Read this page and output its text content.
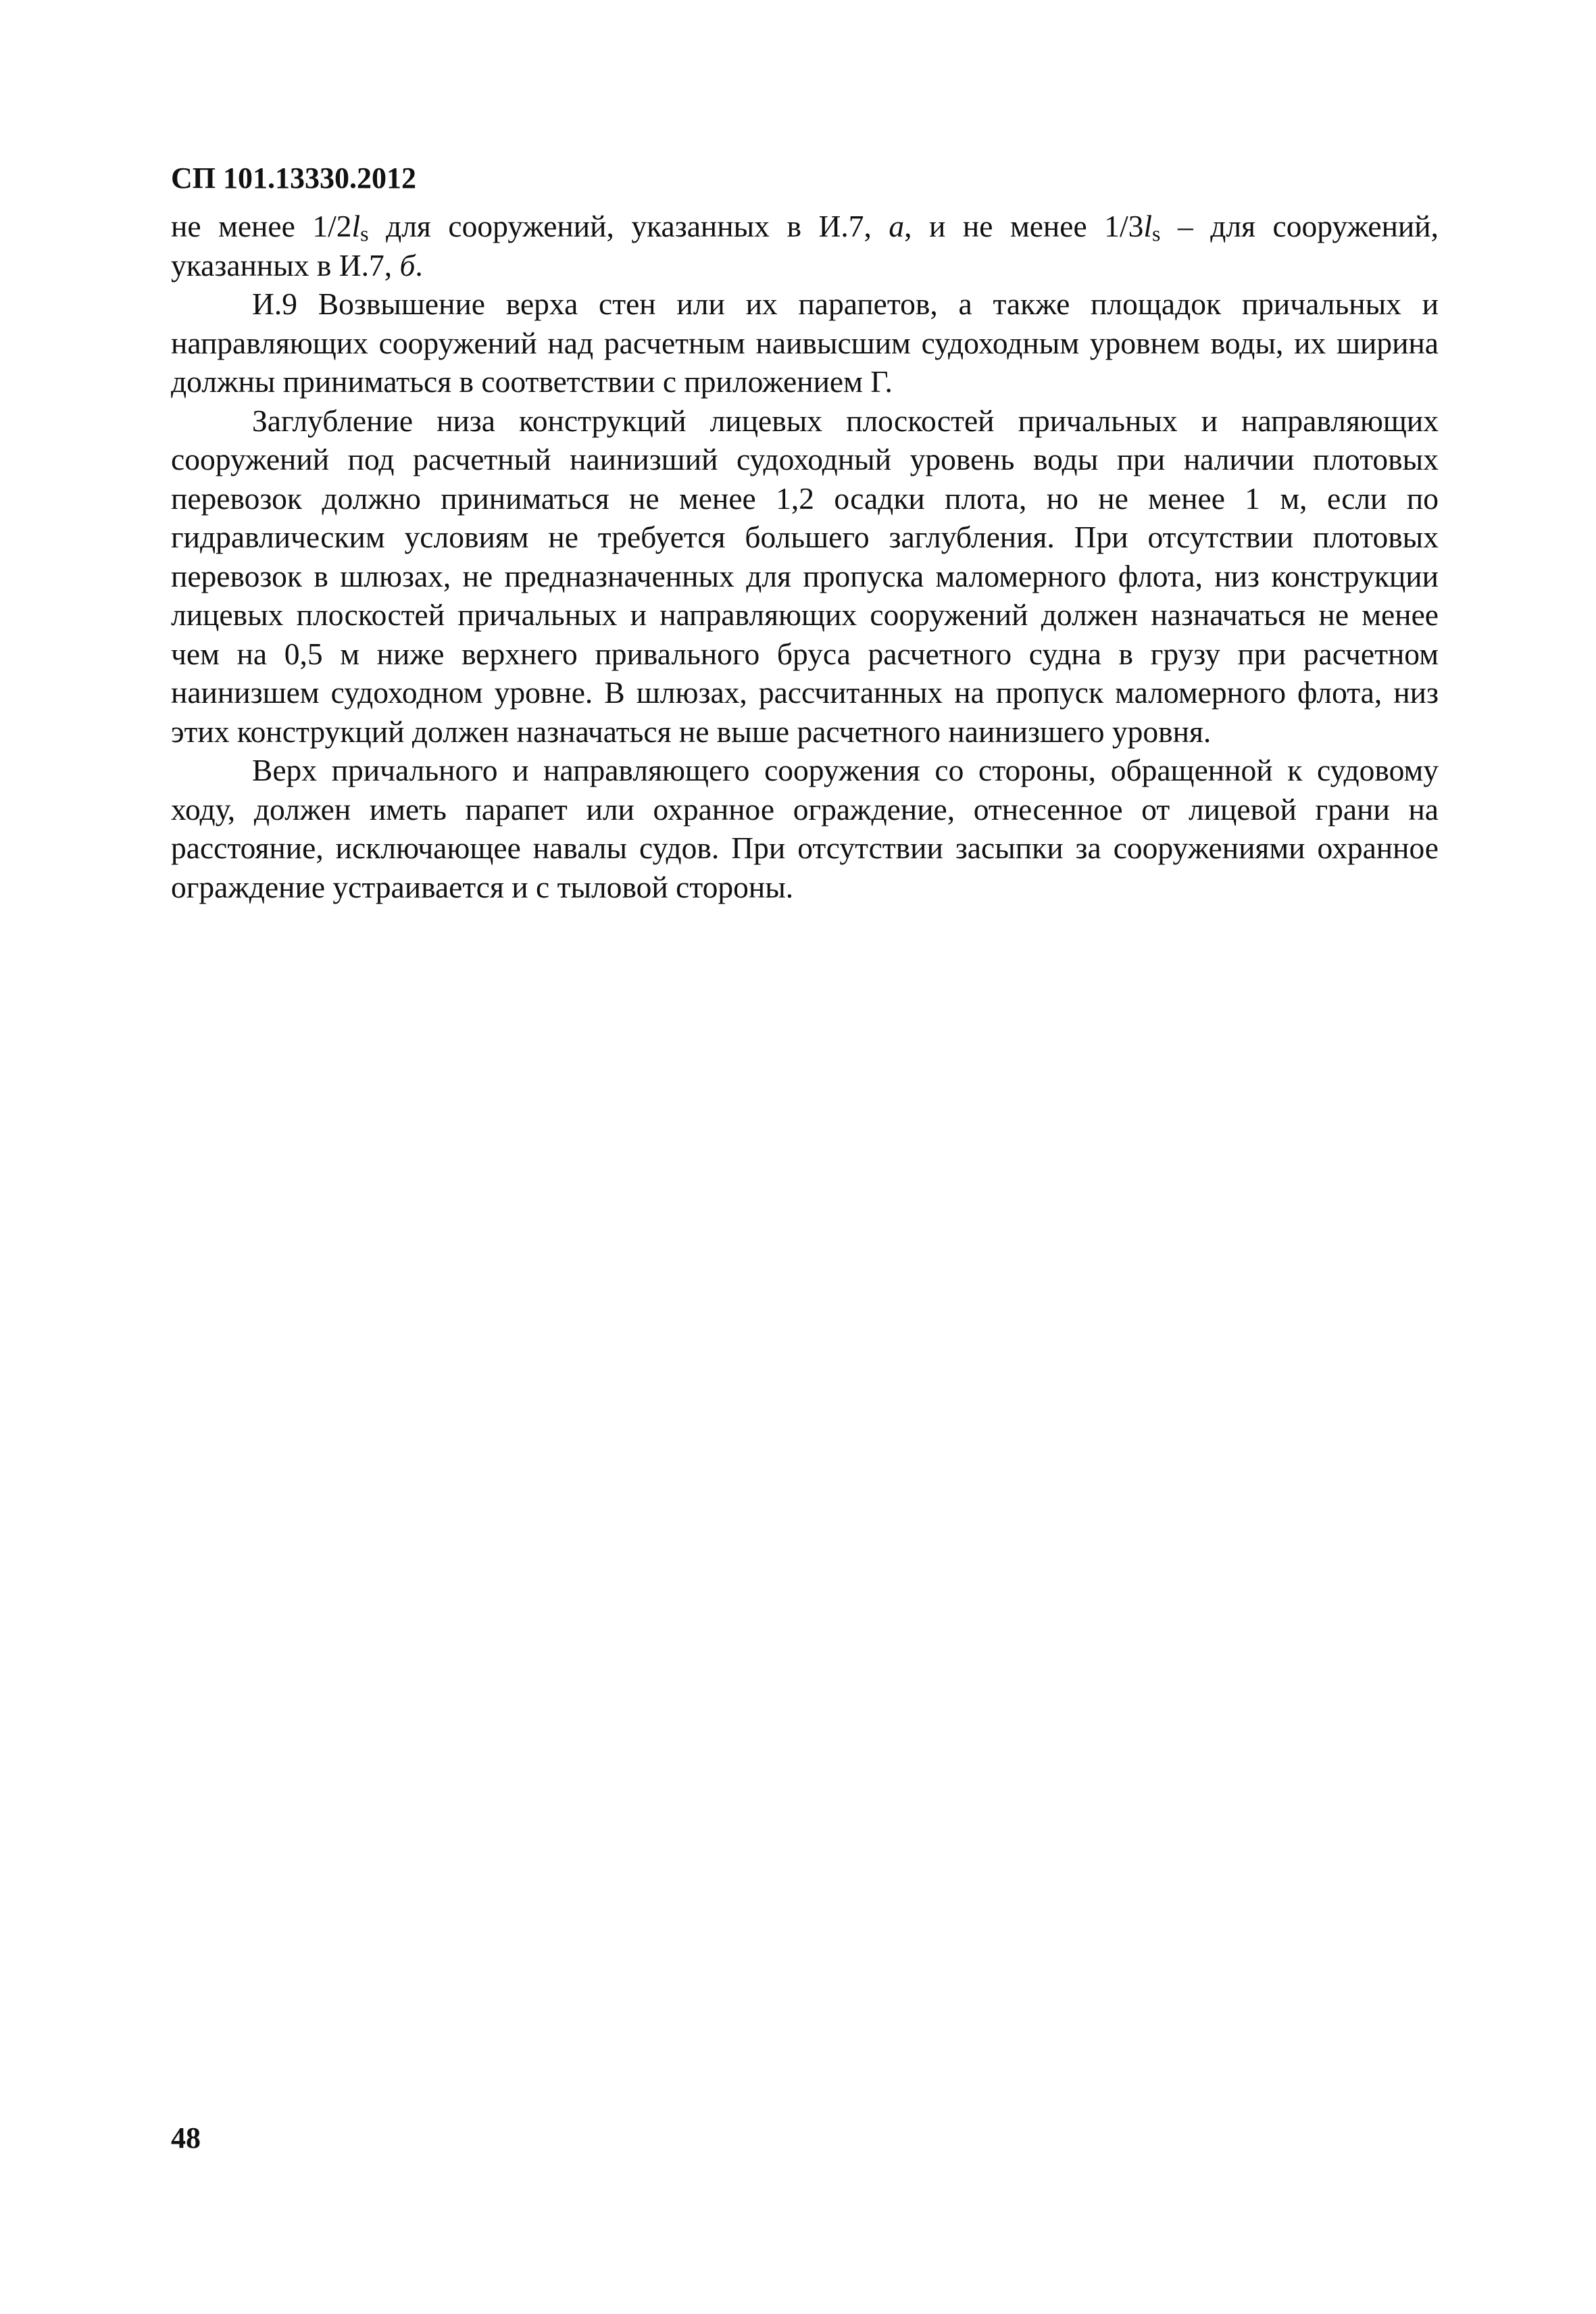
СП 101.13330.2012

не менее $1/2l_s$ для сооружений, указанных в И.7, а, и не менее $1/3l_s$ – для сооружений, указанных в И.7, б.

И.9 Возвышение верха стен или их парапетов, а также площадок причальных и направляющих сооружений над расчетным наивысшим судоходным уровнем воды, их ширина должны приниматься в соответствии с приложением Г.

Заглубление низа конструкций лицевых плоскостей причальных и направляющих сооружений под расчетный наинизший судоходный уровень воды при наличии плотовых перевозок должно приниматься не менее 1,2 осадки плота, но не менее 1 м, если по гидравлическим условиям не требуется большего заглубления. При отсутствии плотовых перевозок в шлюзах, не предназначенных для пропуска маломерного флота, низ конструкции лицевых плоскостей причальных и направляющих сооружений должен назначаться не менее чем на 0,5 м ниже верхнего привального бруса расчетного судна в грузу при расчетном наинизшем судоходном уровне. В шлюзах, рассчитанных на пропуск маломерного флота, низ этих конструкций должен назначаться не выше расчетного наинизшего уровня.

Верх причального и направляющего сооружения со стороны, обращенной к судовому ходу, должен иметь парапет или охранное ограждение, отнесенное от лицевой грани на расстояние, исключающее навалы судов. При отсутствии засыпки за сооружениями охранное ограждение устраивается и с тыловой стороны.

48
